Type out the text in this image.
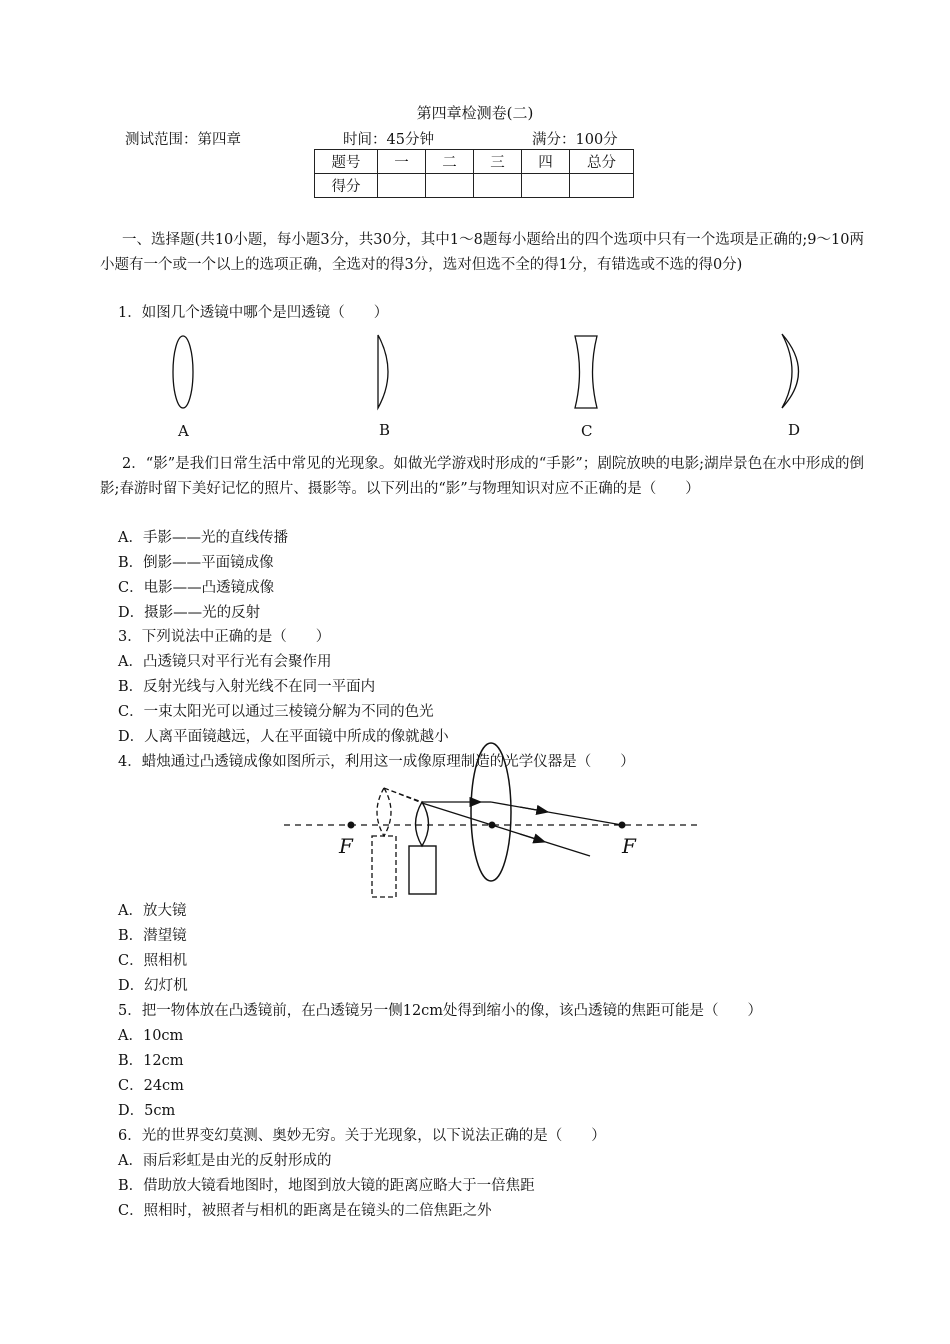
第四章检测卷(二)
测试范围：第四章	时间：45分钟	满分：100分
题号	一	二	三	四	总分
得分					
一、选择题(共10小题，每小题3分，共30分，其中1～8题每小题给出的四个选项中只有一个选项是正确的;9～10两小题有一个或一个以上的选项正确，全选对的得3分，选对但选不全的得1分，有错选或不选的得0分)
1．如图几个透镜中哪个是凹透镜（　　）
A	B	C	D
2．“影”是我们日常生活中常见的光现象。如做光学游戏时形成的“手影”；剧院放映的电影;湖岸景色在水中形成的倒影;春游时留下美好记忆的照片、摄影等。以下列出的“影”与物理知识对应不正确的是（　　）
A．手影——光的直线传播
B．倒影——平面镜成像
C．电影——凸透镜成像
D．摄影——光的反射
3．下列说法中正确的是（　　）
A．凸透镜只对平行光有会聚作用
B．反射光线与入射光线不在同一平面内
C．一束太阳光可以通过三棱镜分解为不同的色光
D．人离平面镜越远，人在平面镜中所成的像就越小
4．蜡烛通过凸透镜成像如图所示，利用这一成像原理制造的光学仪器是（　　）
F	F
A．放大镜
B．潜望镜
C．照相机
D．幻灯机
5．把一物体放在凸透镜前，在凸透镜另一侧12cm处得到缩小的像，该凸透镜的焦距可能是（　　）
A．10cm
B．12cm
C．24cm
D．5cm
6．光的世界变幻莫测、奥妙无穷。关于光现象，以下说法正确的是（　　）
A．雨后彩虹是由光的反射形成的
B．借助放大镜看地图时，地图到放大镜的距离应略大于一倍焦距
C．照相时，被照者与相机的距离是在镜头的二倍焦距之外
